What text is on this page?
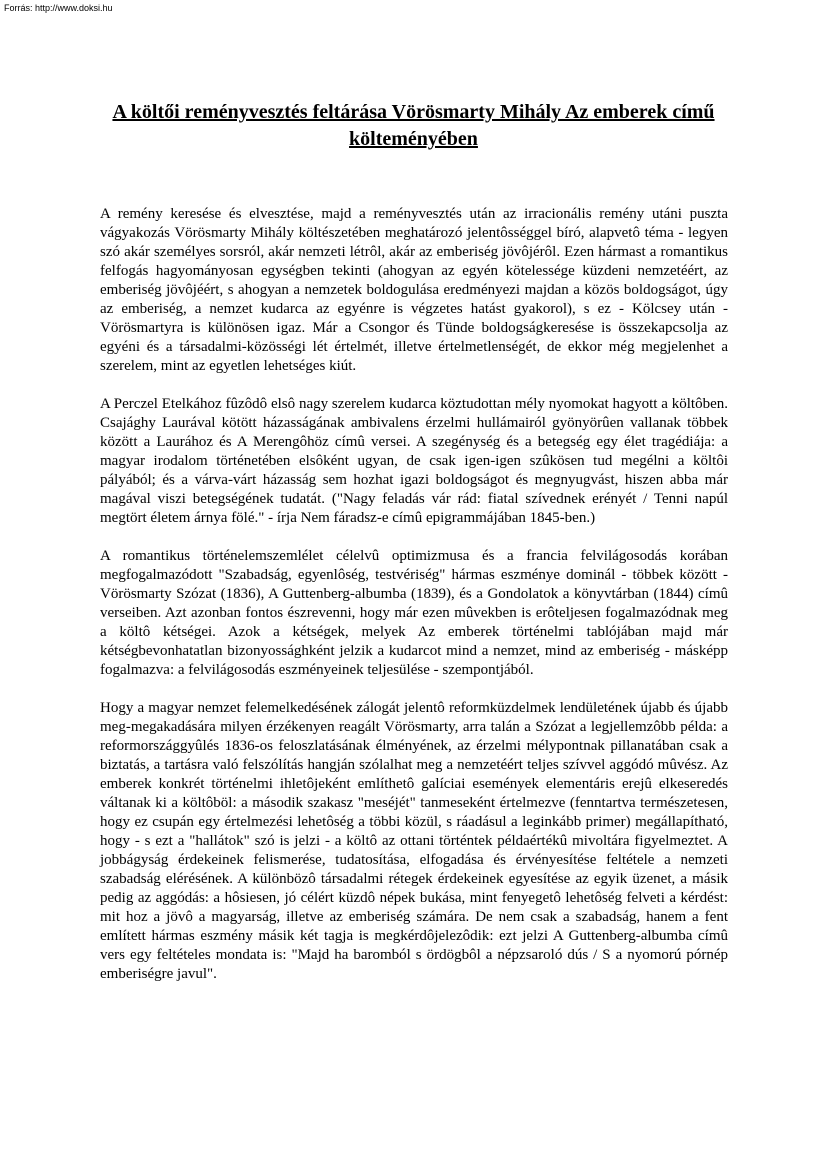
Forrás: http://www.doksi.hu

A költői reményvesztés feltárása Vörösmarty Mihály Az emberek című költeményében

A remény keresése és elvesztése, majd a reményvesztés után az irracionális remény utáni puszta vágyakozás Vörösmarty Mihály költészetében meghatározó jelentôsséggel bíró, alapvetô téma - legyen szó akár személyes sorsról, akár nemzeti létrôl, akár az emberiség jövôjérôl. Ezen hármast a romantikus felfogás hagyományosan egységben tekinti (ahogyan az egyén kötelessége küzdeni nemzetéért, az emberiség jövôjéért, s ahogyan a nemzetek boldogulása eredményezi majdan a közös boldogságot, úgy az emberiség, a nemzet kudarca az egyénre is végzetes hatást gyakorol), s ez - Kölcsey után - Vörösmartyra is különösen igaz. Már a Csongor és Tünde boldogságkeresése is összekapcsolja az egyéni és a társadalmi-közösségi lét értelmét, illetve értelmetlenségét, de ekkor még megjelenhet a szerelem, mint az egyetlen lehetséges kiút.

A Perczel Etelkához fûzôdô elsô nagy szerelem kudarca köztudottan mély nyomokat hagyott a költôben. Csajághy Laurával kötött házasságának ambivalens érzelmi hullámairól gyönyörûen vallanak többek között a Laurához és A Merengôhöz címû versei. A szegénység és a betegség egy élet tragédiája: a magyar irodalom történetében elsôként ugyan, de csak igen-igen szûkösen tud megélni a költôi pályából; és a várva-várt házasság sem hozhat igazi boldogságot és megnyugvást, hiszen abba már magával viszi betegségének tudatát. ("Nagy feladás vár rád: fiatal szívednek erényét / Tenni napúl megtört életem árnya fölé." - írja Nem fáradsz-e címû epigrammájában 1845-ben.)

A romantikus történelemszemlélet célelvû optimizmusa és a francia felvilágosodás korában megfogalmazódott "Szabadság, egyenlôség, testvériség" hármas eszménye dominál - többek között - Vörösmarty Szózat (1836), A Guttenberg-albumba (1839), és a Gondolatok a könyvtárban (1844) címû verseiben. Azt azonban fontos észrevenni, hogy már ezen mûvekben is erôteljesen fogalmazódnak meg a költô kétségei. Azok a kétségek, melyek Az emberek történelmi tablójában majd már kétségbevonhatatlan bizonyossághként jelzik a kudarcot mind a nemzet, mind az emberiség - másképp fogalmazva: a felvilágosodás eszményeinek teljesülése - szempontjából.

Hogy a magyar nemzet felemelkedésének zálogát jelentô reformküzdelmek lendületének újabb és újabb meg-megakadására milyen érzékenyen reagált Vörösmarty, arra talán a Szózat a legjellemzôbb példa: a reformországgyûlés 1836-os feloszlatásának élményének, az érzelmi mélypontnak pillanatában csak a biztatás, a tartásra való felszólítás hangján szólalhat meg a nemzetéért teljes szívvel aggódó mûvész. Az emberek konkrét történelmi ihletôjeként említhetô galíciai események elementáris erejû elkeseredés váltanak ki a költôböl: a második szakasz "meséjét" tanmeseként értelmezve (fenntartva természetesen, hogy ez csupán egy értelmezési lehetôség a többi közül, s ráadásul a leginkább primer) megállapítható, hogy - s ezt a "hallátok" szó is jelzi - a költô az ottani történtek példaértékû mivoltára figyelmeztet. A jobbágyság érdekeinek felismerése, tudatosítása, elfogadása és érvényesítése feltétele a nemzeti szabadság elérésének. A különbözô társadalmi rétegek érdekeinek egyesítése az egyik üzenet, a másik pedig az aggódás: a hôsiesen, jó célért küzdô népek bukása, mint fenyegetô lehetôség felveti a kérdést: mit hoz a jövô a magyarság, illetve az emberiség számára. De nem csak a szabadság, hanem a fent említett hármas eszmény másik két tagja is megkérdôjelezôdik: ezt jelzi A Guttenberg-albumba címû vers egy feltételes mondata is: "Majd ha baromból s ördögbôl a népzsaroló dús / S a nyomorú pórnép emberiségre javul".
